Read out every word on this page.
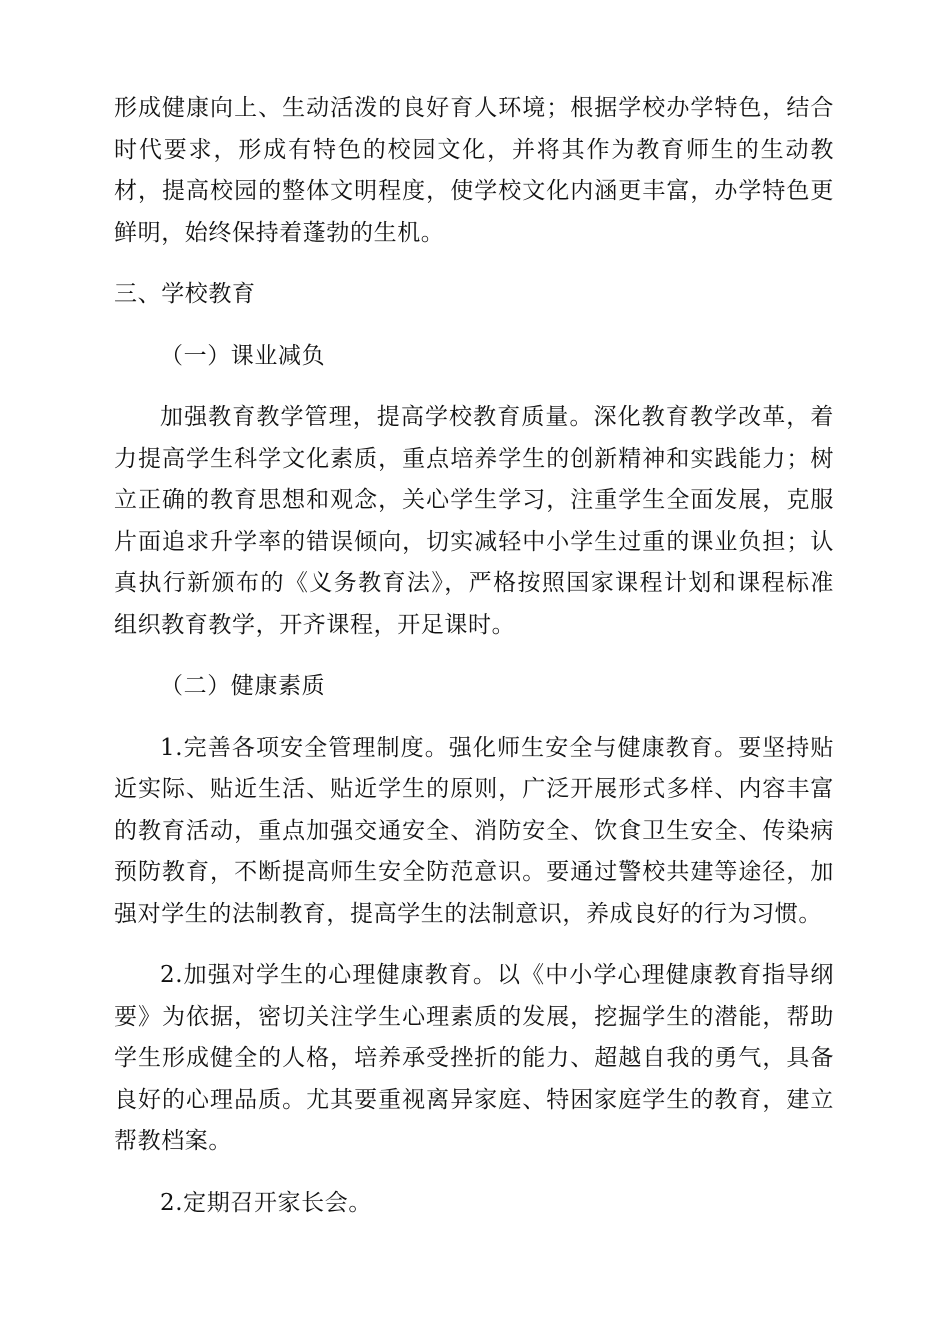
形成健康向上、生动活泼的良好育人环境；根据学校办学特色，结合时代要求，形成有特色的校园文化，并将其作为教育师生的生动教材，提高校园的整体文明程度，使学校文化内涵更丰富，办学特色更鲜明，始终保持着蓬勃的生机。

三、学校教育

（一）课业减负

加强教育教学管理，提高学校教育质量。深化教育教学改革，着力提高学生科学文化素质，重点培养学生的创新精神和实践能力；树立正确的教育思想和观念，关心学生学习，注重学生全面发展，克服片面追求升学率的错误倾向，切实减轻中小学生过重的课业负担；认真执行新颁布的《义务教育法》，严格按照国家课程计划和课程标准组织教育教学，开齐课程，开足课时。

（二）健康素质

1.完善各项安全管理制度。强化师生安全与健康教育。要坚持贴近实际、贴近生活、贴近学生的原则，广泛开展形式多样、内容丰富的教育活动，重点加强交通安全、消防安全、饮食卫生安全、传染病预防教育，不断提高师生安全防范意识。要通过警校共建等途径，加强对学生的法制教育，提高学生的法制意识，养成良好的行为习惯。

2.加强对学生的心理健康教育。以《中小学心理健康教育指导纲要》为依据，密切关注学生心理素质的发展，挖掘学生的潜能，帮助学生形成健全的人格，培养承受挫折的能力、超越自我的勇气，具备良好的心理品质。尤其要重视离异家庭、特困家庭学生的教育，建立帮教档案。

2.定期召开家长会。
